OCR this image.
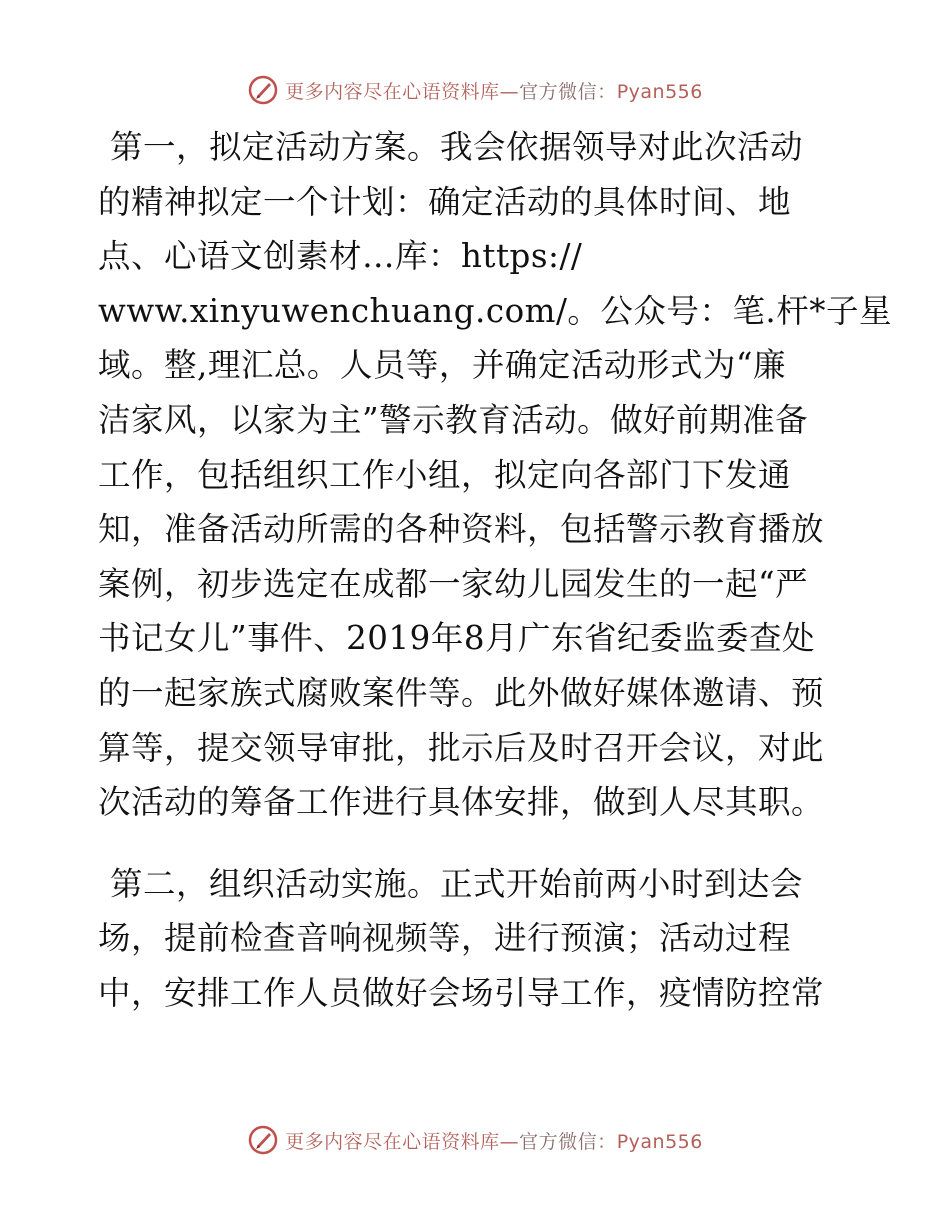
更多内容尽在心语资料库—官方微信：Pyan556

第一，拟定活动方案。我会依据领导对此次活动
的精神拟定一个计划：确定活动的具体时间、地
点、心语文创素材…库：https://
www.xinyuwenchuang.com/。公众号：笔.杆*子星
域。整,理汇总。人员等，并确定活动形式为“廉
洁家风，以家为主”警示教育活动。做好前期准备
工作，包括组织工作小组，拟定向各部门下发通
知，准备活动所需的各种资料，包括警示教育播放
案例，初步选定在成都一家幼儿园发生的一起“严
书记女儿”事件、2019年8月广东省纪委监委查处
的一起家族式腐败案件等。此外做好媒体邀请、预
算等，提交领导审批，批示后及时召开会议，对此
次活动的筹备工作进行具体安排，做到人尽其职。

第二，组织活动实施。正式开始前两小时到达会
场，提前检查音响视频等，进行预演；活动过程
中，安排工作人员做好会场引导工作，疫情防控常

更多内容尽在心语资料库—官方微信：Pyan556
